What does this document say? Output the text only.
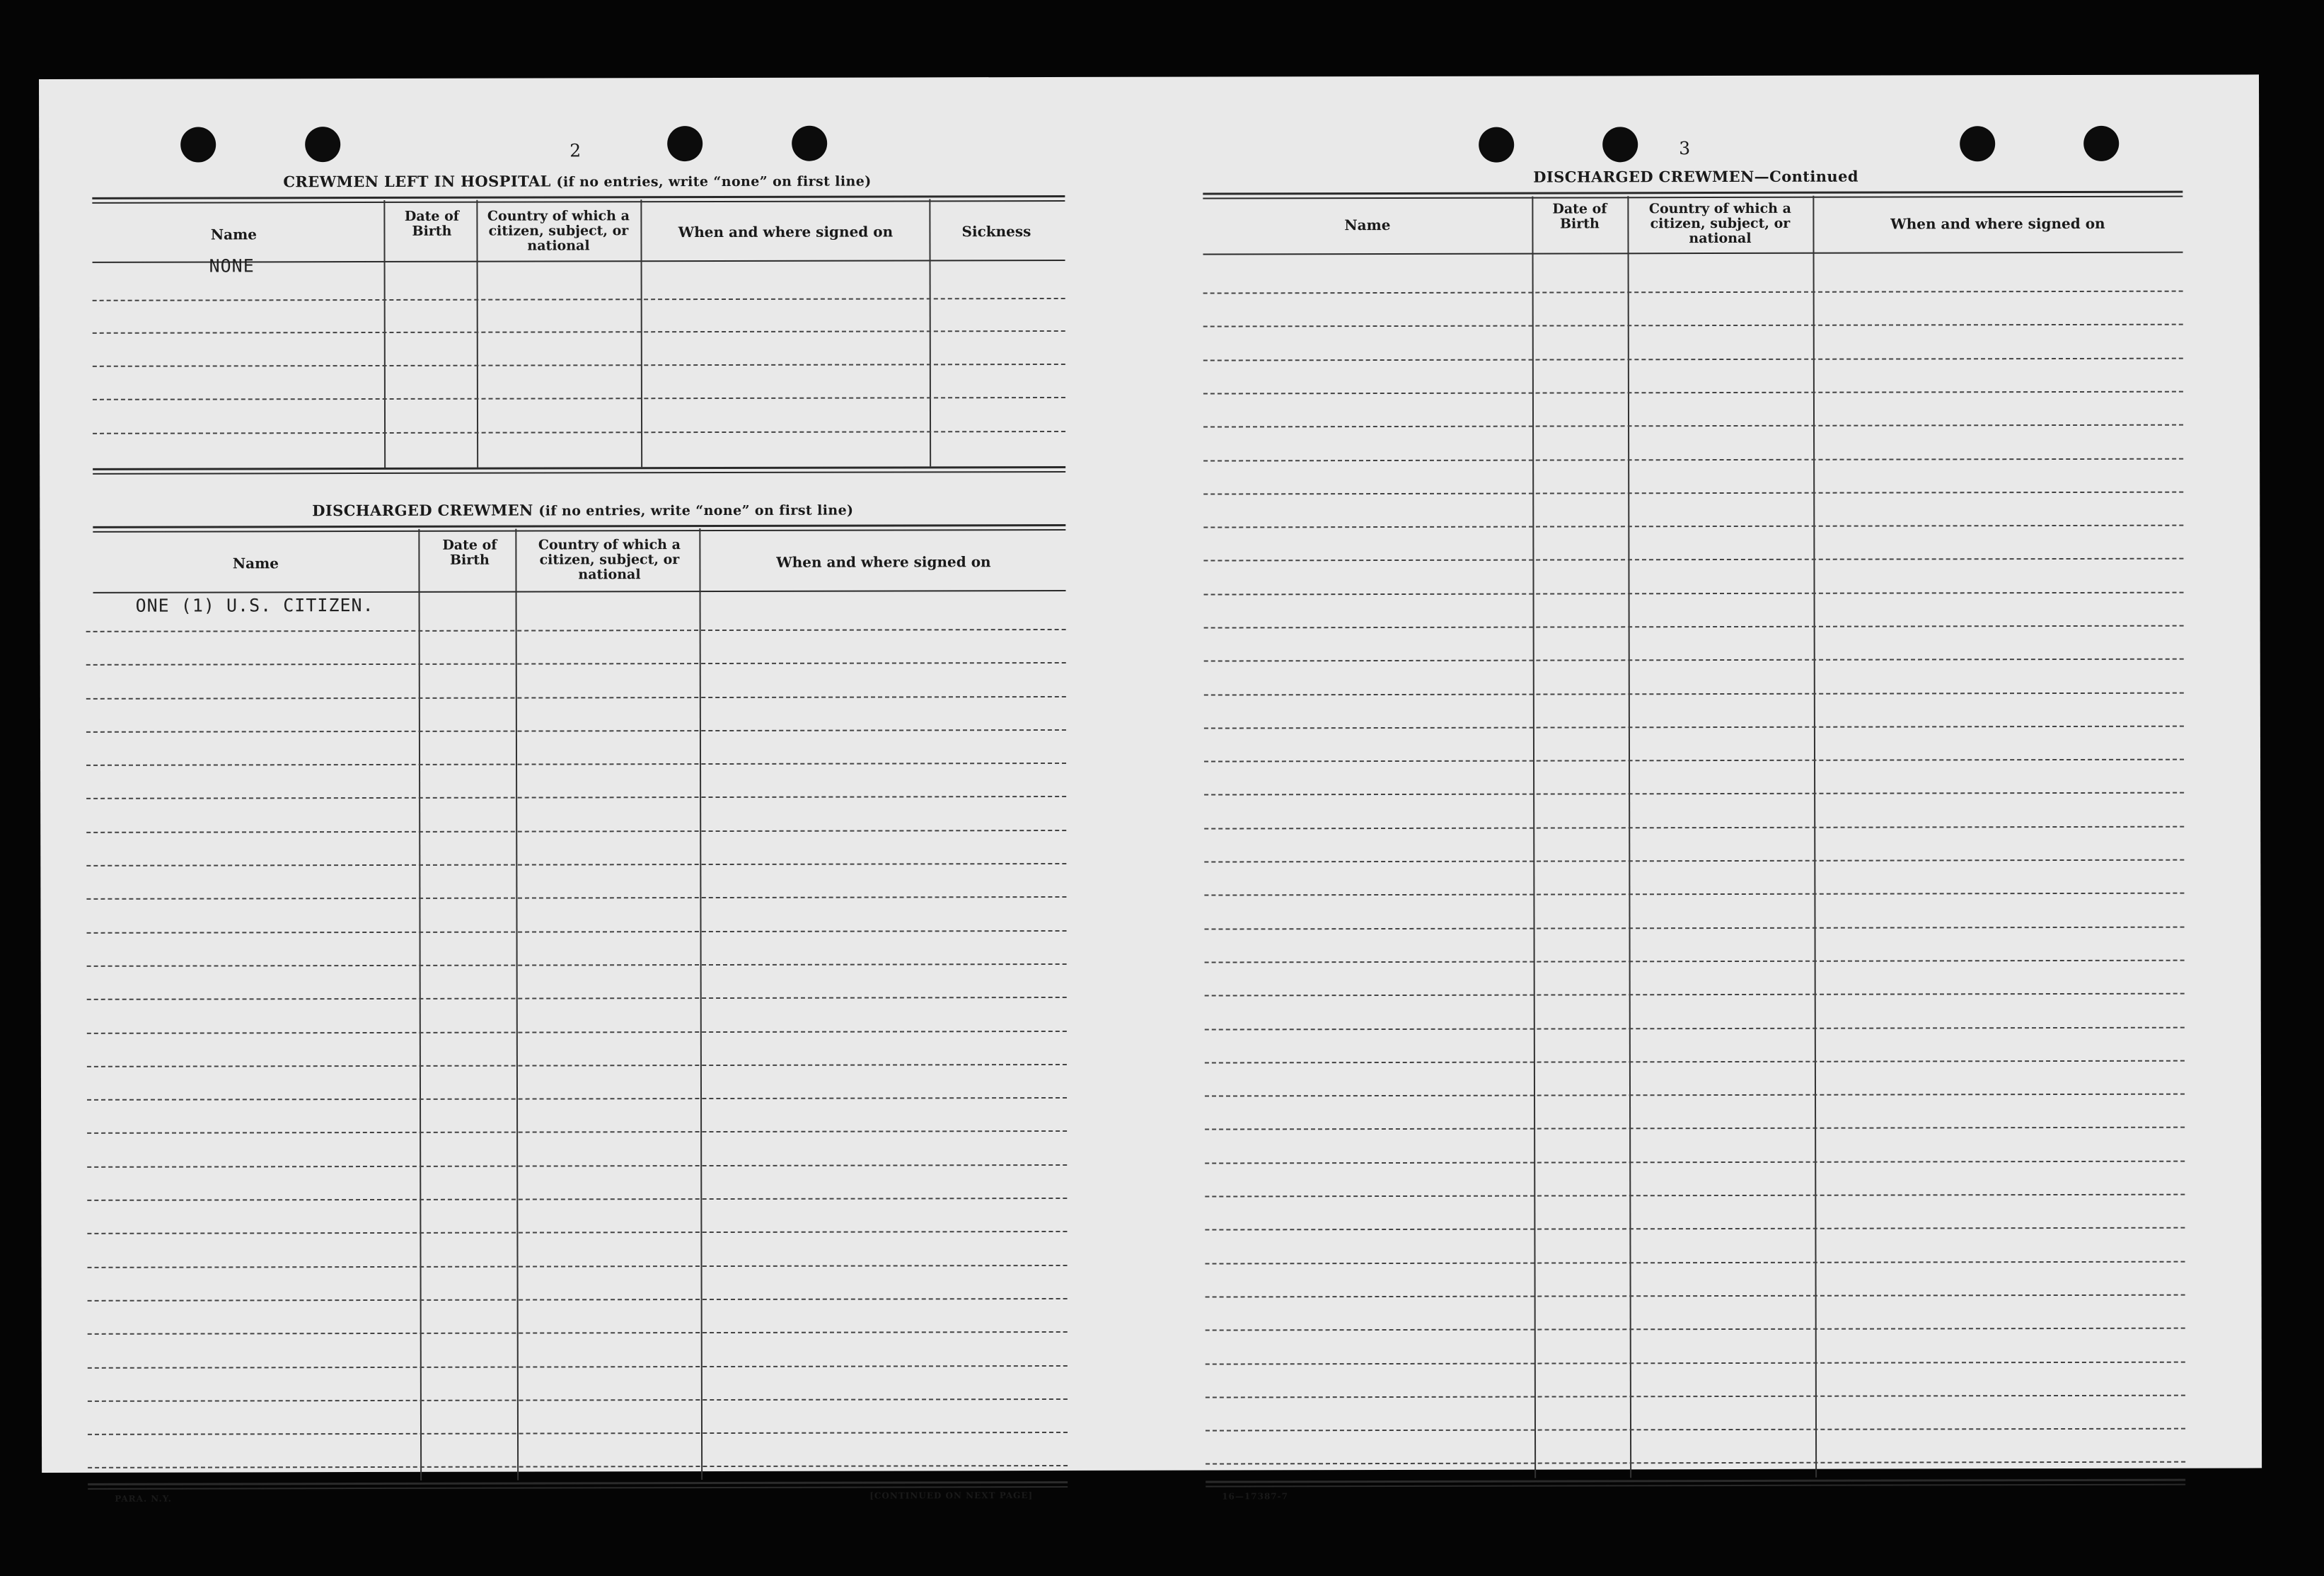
2
CREWMEN LEFT IN HOSPITAL (if no entries, write “none” on first line)
Name
Date of Birth
Country of which a citizen, subject, or national
When and where signed on	Sickness
NONE
DISCHARGED CREWMEN (if no entries, write “none” on first line)
Name
Date of Birth
Country of which a citizen, subject, or national
When and where signed on
ONE (1) U.S. CITIZEN.
PARA. N.Y.	[CONTINUED ON NEXT PAGE]
3
DISCHARGED CREWMEN—Continued
Name
Date of Birth
Country of which a citizen, subject, or national
When and where signed on
16—17387-7
